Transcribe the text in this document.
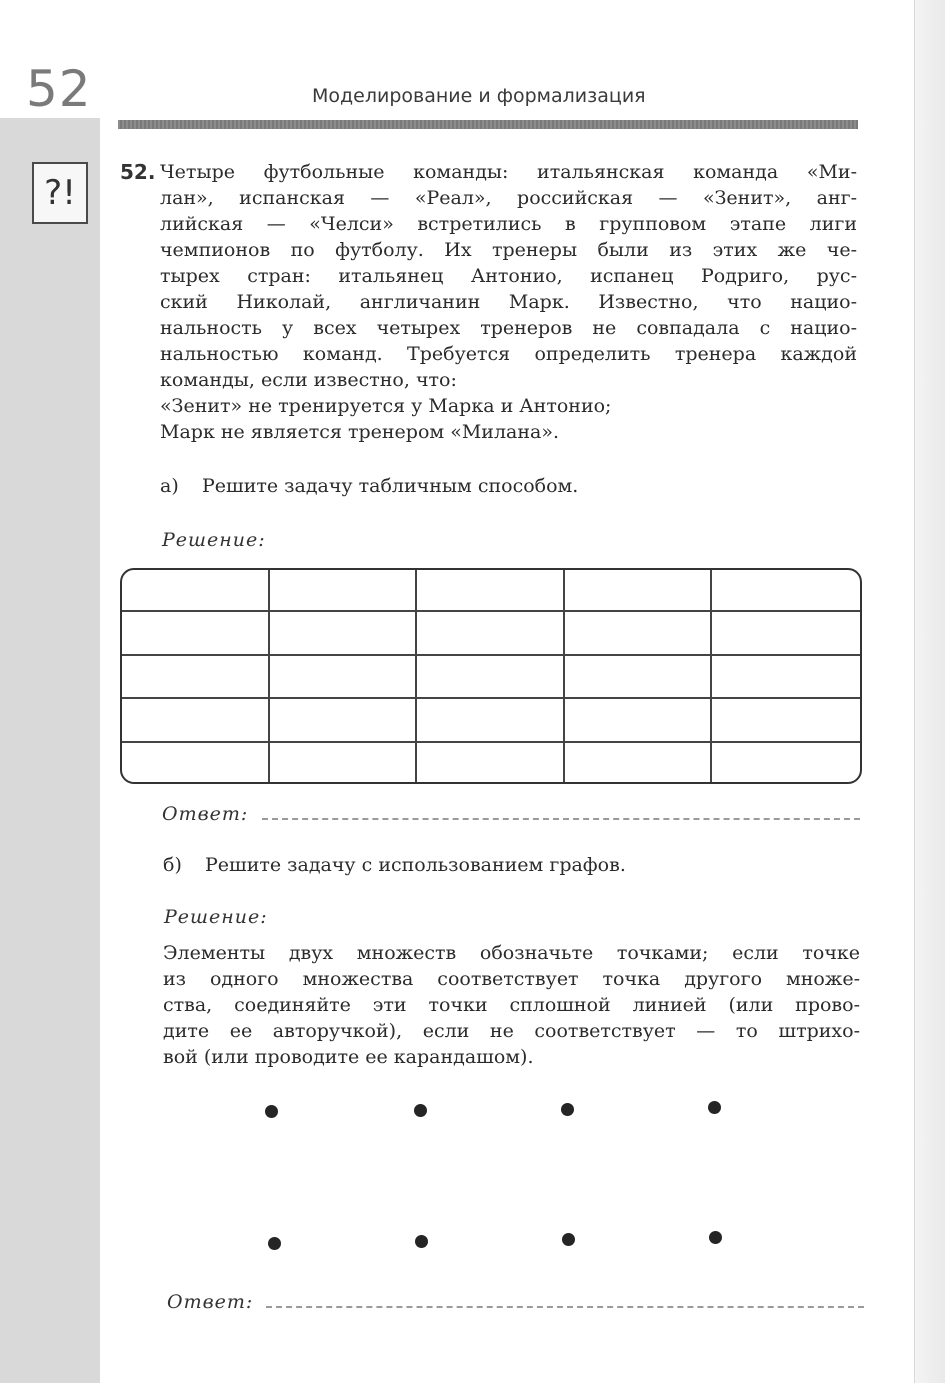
52	Моделирование и формализация
?!
52. Четыре футбольные команды: итальянская команда «Ми-
лан», испанская — «Реал», российская — «Зенит», анг-
лийская — «Челси» встретились в групповом этапе лиги
чемпионов по футболу. Их тренеры были из этих же че-
тырех стран: итальянец Антонио, испанец Родриго, рус-
ский Николай, англичанин Марк. Известно, что нацио-
нальность у всех четырех тренеров не совпадала с нацио-
нальностью команд. Требуется определить тренера каждой
команды, если известно, что:
«Зенит» не тренируется у Марка и Антонио;
Марк не является тренером «Милана».
а) Решите задачу табличным способом.
Решение:
Ответ:
б) Решите задачу с использованием графов.
Решение:
Элементы двух множеств обозначьте точками; если точке
из одного множества соответствует точка другого множе-
ства, соединяйте эти точки сплошной линией (или прово-
дите ее авторучкой), если не соответствует — то штрихо-
вой (или проводите ее карандашом).
Ответ:
